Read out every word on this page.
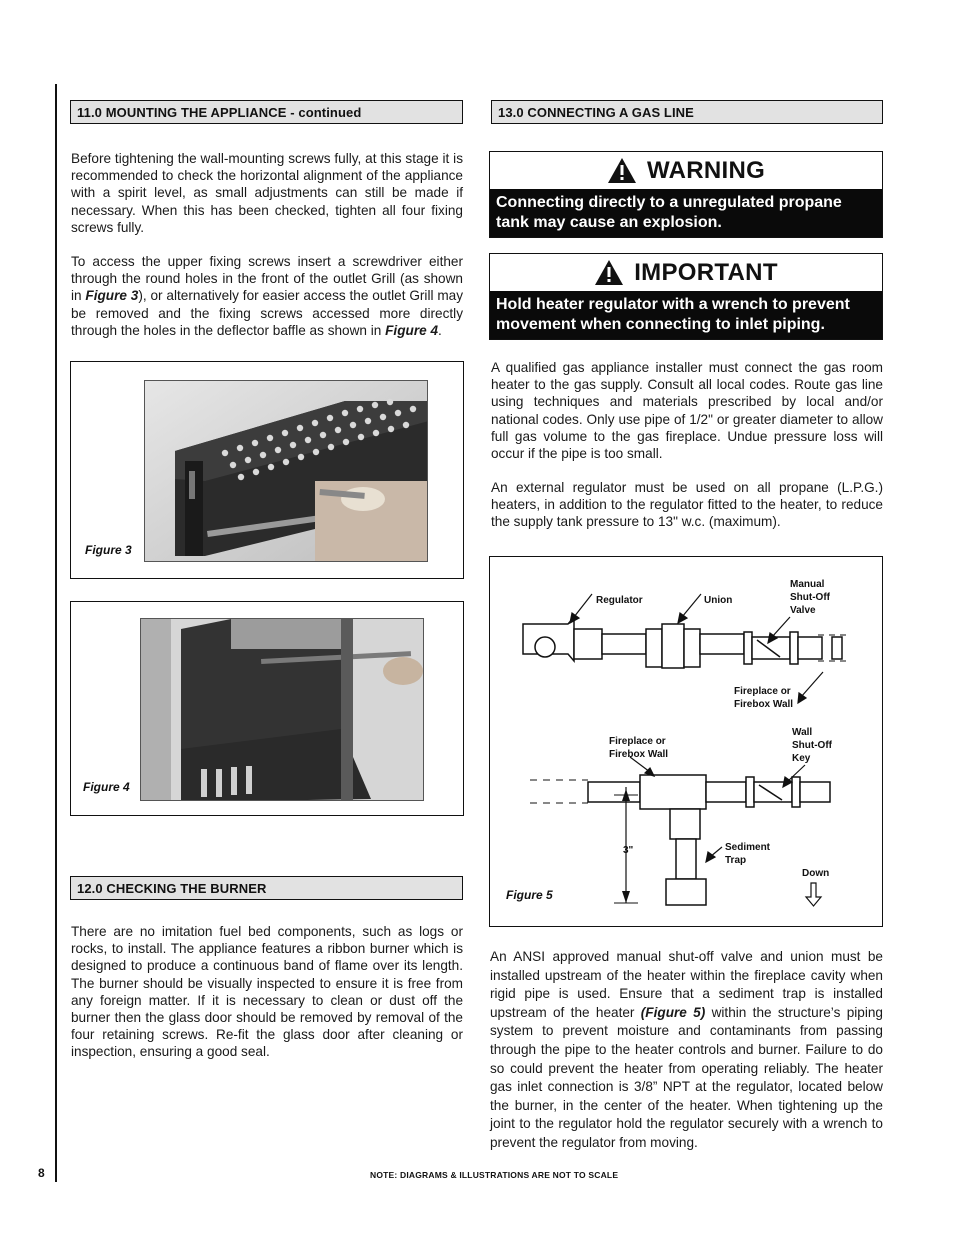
11.0 MOUNTING THE APPLIANCE - continued
Before tightening the wall-mounting screws fully, at this stage it is recommended to check the horizontal alignment of the appliance with a spirit level, as small adjustments can still be made if necessary. When this has been checked, tighten all four fixing screws fully.
To access the upper fixing screws insert a screwdriver either through the round holes in the front of the outlet Grill (as shown in Figure 3), or alternatively for easier access the outlet Grill may be removed and the fixing screws accessed more directly through the holes in the deflector baffle as shown in Figure 4.
Figure 3
Figure 4
12.0 CHECKING THE BURNER
There are no imitation fuel bed components, such as logs or rocks, to install. The appliance features a ribbon burner which is designed to produce a continuous band of flame over its length. The burner should be visually inspected to ensure it is free from any foreign matter. If it is necessary to clean or dust off the burner then the glass door should be removed by removal of the four retaining screws. Re-fit the glass door after cleaning or inspection, ensuring a good seal.
13.0 CONNECTING A GAS LINE
WARNING
Connecting directly to a unregulated propane tank may cause an explosion.
IMPORTANT
Hold heater regulator with a wrench to prevent movement when connecting to inlet piping.
A qualified gas appliance installer must connect the gas room heater to the gas supply. Consult all local codes. Route gas line using techniques and materials prescribed by local and/or national codes. Only use pipe of 1/2" or greater diameter to allow full gas volume to the gas fireplace. Undue pressure loss will occur if the pipe is too small.
An external regulator must be used on all propane (L.P.G.) heaters, in addition to the regulator fitted to the heater, to reduce the supply tank pressure to 13" w.c. (maximum).
Regulator	Union
Manual
Shut-Off
Valve
Fireplace or
Firebox Wall
Fireplace or
Firebox Wall
Wall
Shut-Off
Key
Sediment
Trap
3"
Down
Figure 5
An ANSI approved manual shut-off valve and union must be installed upstream of the heater within the fireplace cavity when rigid pipe is used. Ensure that a sediment trap is installed upstream of the heater (Figure 5) within the structure’s piping system to prevent moisture and contaminants from passing through the pipe to the heater controls and burner. Failure to do so could prevent the heater from operating reliably. The heater gas inlet connection is 3/8” NPT at the regulator, located below the burner, in the center of the heater. When tightening up the joint to the regulator hold the regulator securely with a wrench to prevent the regulator from moving.
8	NOTE: DIAGRAMS & ILLUSTRATIONS ARE NOT TO SCALE
